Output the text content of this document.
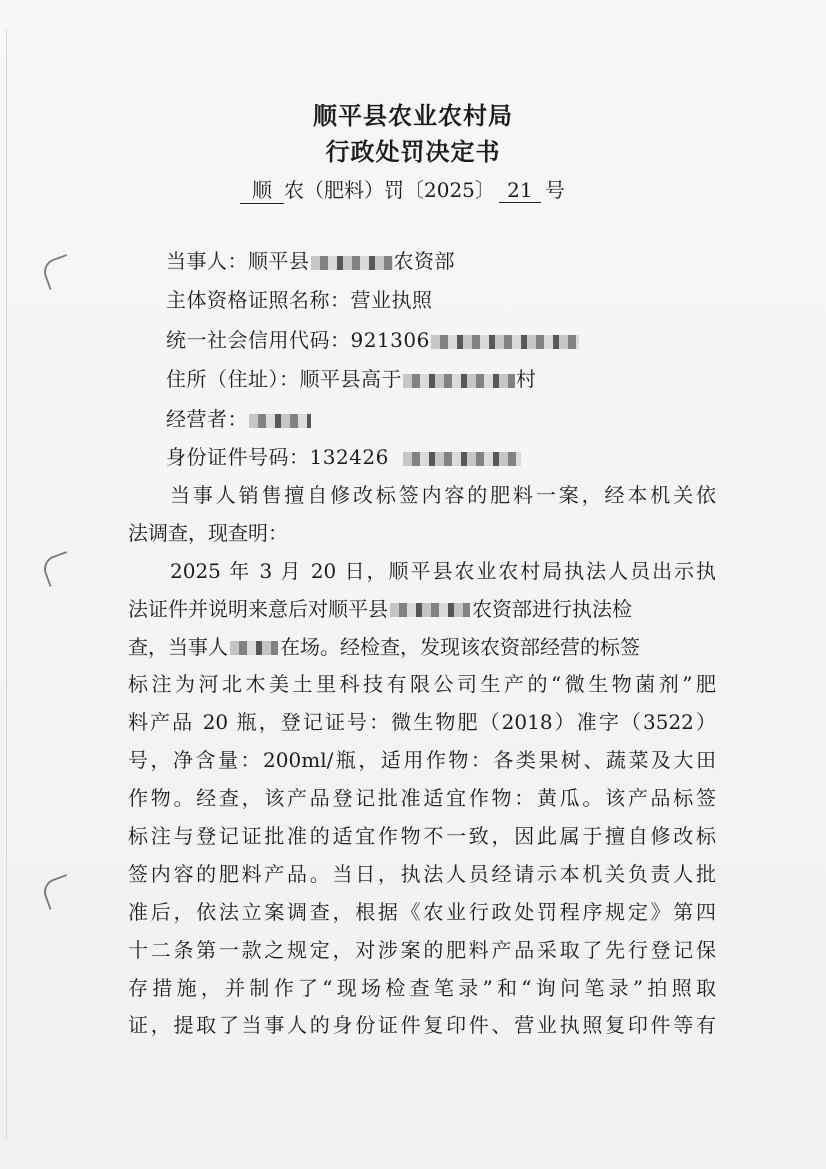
顺平县农业农村局
行政处罚决定书
顺 农（肥料）罚〔2025〕 21 号
当事人：顺平县	农资部
主体资格证照名称：营业执照
统一社会信用代码：921306
住所（住址）：顺平县高于	村
经营者：
身份证件号码：132426
当事人销售擅自修改标签内容的肥料一案，经本机关依
法调查，现查明：
2025 年 3 月 20 日，顺平县农业农村局执法人员出示执
法证件并说明来意后对顺平县	农资部进行执法检
查，当事人	在场。经检查，发现该农资部经营的标签
标注为河北木美土里科技有限公司生产的“微生物菌剂”肥
料产品 20 瓶，登记证号：微生物肥（2018）准字（3522）
号，净含量：200ml/瓶，适用作物：各类果树、蔬菜及大田
作物。经查，该产品登记批准适宜作物：黄瓜。该产品标签
标注与登记证批准的适宜作物不一致，因此属于擅自修改标
签内容的肥料产品。当日，执法人员经请示本机关负责人批
准后，依法立案调查，根据《农业行政处罚程序规定》第四
十二条第一款之规定，对涉案的肥料产品采取了先行登记保
存措施，并制作了“现场检查笔录”和“询问笔录”拍照取
证，提取了当事人的身份证件复印件、营业执照复印件等有
